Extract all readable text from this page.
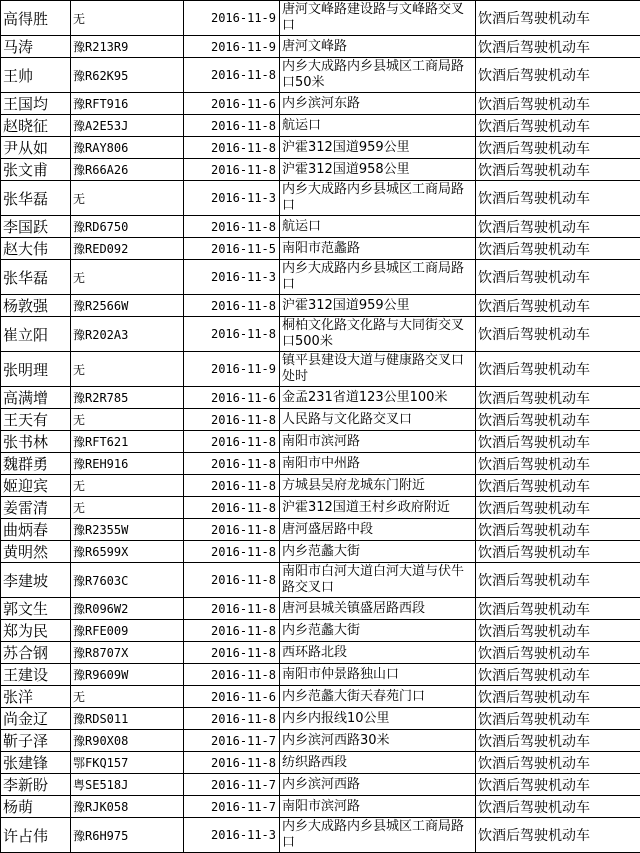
高得胜	无	2016-11-9	唐河文峰路建设路与文峰路交叉口	饮酒后驾驶机动车
马涛	豫R213R9	2016-11-9	唐河文峰路	饮酒后驾驶机动车
王帅	豫R62K95	2016-11-8	内乡大成路内乡县城区工商局路口50米	饮酒后驾驶机动车
王国均	豫RFT916	2016-11-6	内乡滨河东路	饮酒后驾驶机动车
赵晓征	豫A2E53J	2016-11-8	航运口	饮酒后驾驶机动车
尹从如	豫RAY806	2016-11-8	沪霍312国道959公里	饮酒后驾驶机动车
张文甫	豫R66A26	2016-11-8	沪霍312国道958公里	饮酒后驾驶机动车
张华磊	无	2016-11-3	内乡大成路内乡县城区工商局路口	饮酒后驾驶机动车
李国跃	豫RD6750	2016-11-8	航运口	饮酒后驾驶机动车
赵大伟	豫RED092	2016-11-5	南阳市范蠡路	饮酒后驾驶机动车
张华磊	无	2016-11-3	内乡大成路内乡县城区工商局路口	饮酒后驾驶机动车
杨敦强	豫R2566W	2016-11-8	沪霍312国道959公里	饮酒后驾驶机动车
崔立阳	豫R202A3	2016-11-8	桐柏文化路文化路与大同街交叉口500米	饮酒后驾驶机动车
张明理	无	2016-11-9	镇平县建设大道与健康路交叉口处时	饮酒后驾驶机动车
高满增	豫R2R785	2016-11-6	金孟231省道123公里100米	饮酒后驾驶机动车
王天有	无	2016-11-8	人民路与文化路交叉口	饮酒后驾驶机动车
张书林	豫RFT621	2016-11-8	南阳市滨河路	饮酒后驾驶机动车
魏群勇	豫REH916	2016-11-8	南阳市中州路	饮酒后驾驶机动车
姬迎宾	无	2016-11-8	方城县吴府龙城东门附近	饮酒后驾驶机动车
姜雷清	无	2016-11-8	沪霍312国道王村乡政府附近	饮酒后驾驶机动车
曲炳春	豫R2355W	2016-11-8	唐河盛居路中段	饮酒后驾驶机动车
黄明然	豫R6599X	2016-11-8	内乡范蠡大街	饮酒后驾驶机动车
李建坡	豫R7603C	2016-11-8	南阳市白河大道白河大道与伏牛路交叉口	饮酒后驾驶机动车
郭文生	豫R096W2	2016-11-8	唐河县城关镇盛居路西段	饮酒后驾驶机动车
郑为民	豫RFE009	2016-11-8	内乡范蠡大街	饮酒后驾驶机动车
苏合钢	豫R8707X	2016-11-8	西环路北段	饮酒后驾驶机动车
王建设	豫R9609W	2016-11-8	南阳市仲景路独山口	饮酒后驾驶机动车
张洋	无	2016-11-6	内乡范蠡大街天春苑门口	饮酒后驾驶机动车
尚金辽	豫RDS011	2016-11-8	内乡内报线10公里	饮酒后驾驶机动车
靳子泽	豫R90X08	2016-11-7	内乡滨河西路30米	饮酒后驾驶机动车
张建锋	鄂FKQ157	2016-11-8	纺织路西段	饮酒后驾驶机动车
李新盼	粤SE518J	2016-11-7	内乡滨河西路	饮酒后驾驶机动车
杨萌	豫RJK058	2016-11-7	南阳市滨河路	饮酒后驾驶机动车
许占伟	豫R6H975	2016-11-3	内乡大成路内乡县城区工商局路口	饮酒后驾驶机动车
